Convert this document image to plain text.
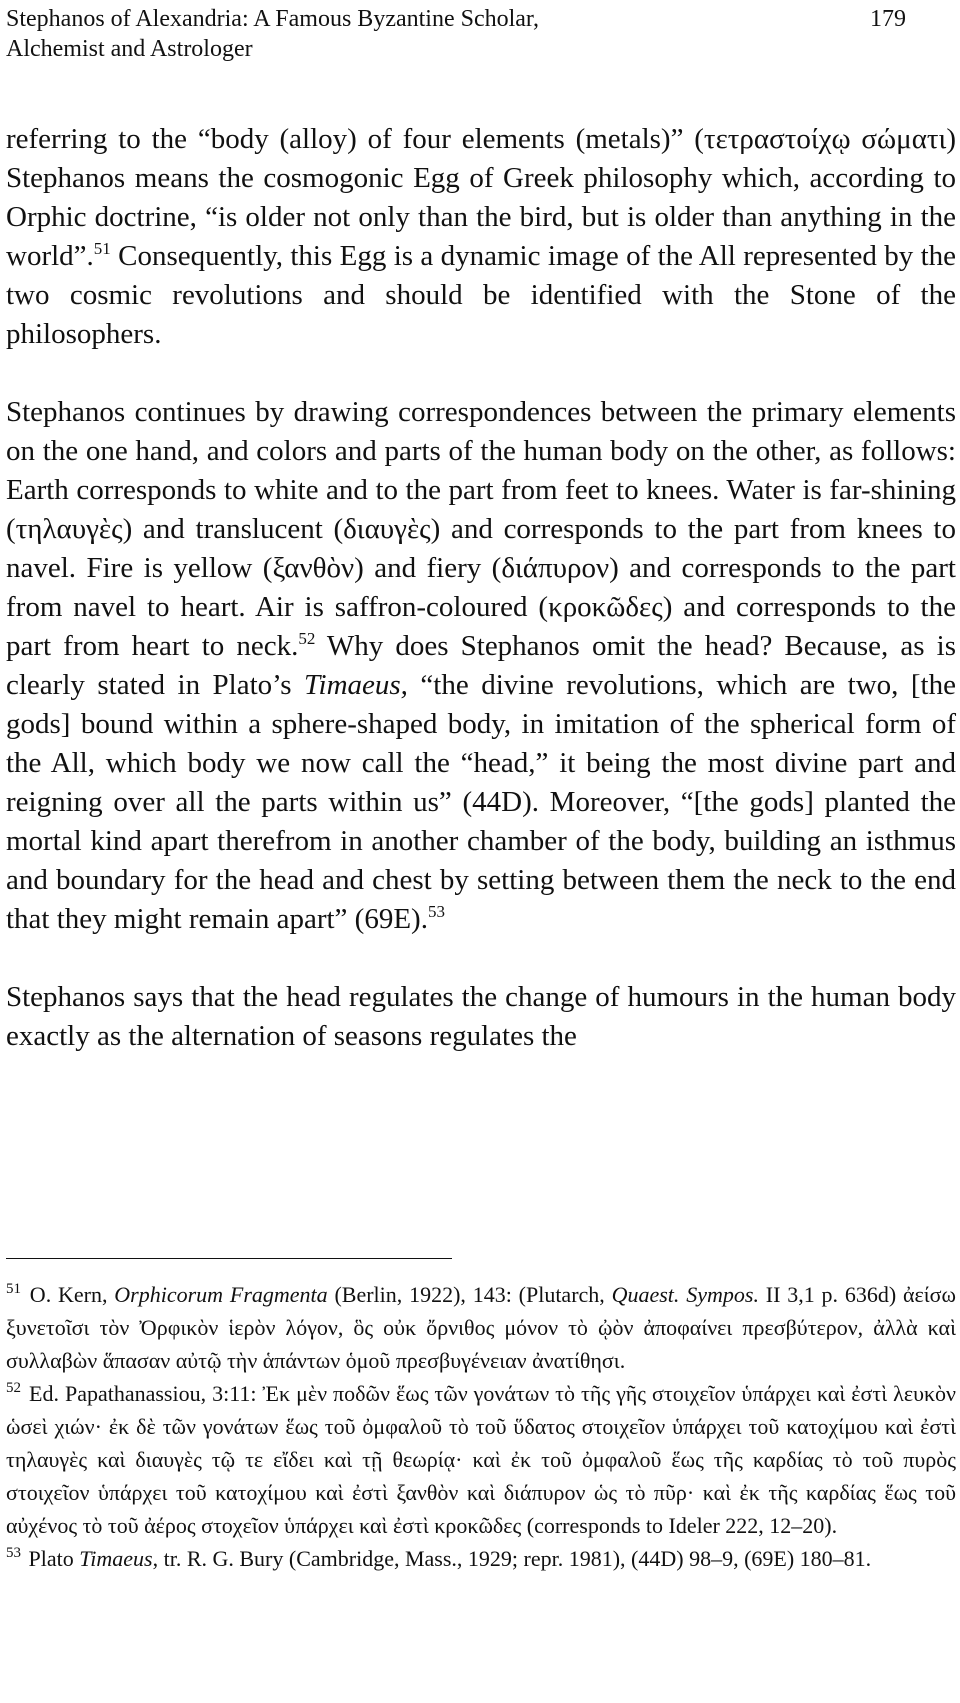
Stephanos of Alexandria: A Famous Byzantine Scholar,
Alchemist and Astrologer
179

referring to the “body (alloy) of four elements (metals)” (τετραστοίχῳ σώματι) Stephanos means the cosmogonic Egg of Greek philosophy which, according to Orphic doctrine, “is older not only than the bird, but is older than anything in the world”.$^{51}$ Consequently, this Egg is a dynamic image of the All represented by the two cosmic revolutions and should be identified with the Stone of the philosophers.

Stephanos continues by drawing correspondences between the primary elements on the one hand, and colors and parts of the human body on the other, as follows: Earth corresponds to white and to the part from feet to knees. Water is far-shining (τηλαυγὲς) and translucent (διαυγὲς) and corresponds to the part from knees to navel. Fire is yellow (ξανθὸν) and fiery (διάπυρον) and corresponds to the part from navel to heart. Air is saffron-coloured (κροκῶδες) and corresponds to the part from heart to neck.$^{52}$ Why does Stephanos omit the head? Because, as is clearly stated in Plato’s Timaeus, “the divine revolutions, which are two, [the gods] bound within a sphere-shaped body, in imitation of the spherical form of the All, which body we now call the “head,” it being the most divine part and reigning over all the parts within us” (44D). Moreover, “[the gods] planted the mortal kind apart therefrom in another chamber of the body, building an isthmus and boundary for the head and chest by setting between them the neck to the end that they might remain apart” (69E).$^{53}$

Stephanos says that the head regulates the change of humours in the human body exactly as the alternation of seasons regulates the

$^{51}$ O. Kern, Orphicorum Fragmenta (Berlin, 1922), 143: (Plutarch, Quaest. Sympos. II 3,1 p. 636d) ἀείσω ξυνετοῖσι τὸν Ὀρφικὸν ἱερὸν λόγον, ὃς οὐκ ὄρνιθος μόνον τὸ ᾠὸν ἀποφαίνει πρεσβύτερον, ἀλλὰ καὶ συλλαβὼν ἅπασαν αὐτῷ τὴν ἁπάντων ὁμοῦ πρεσβυγένειαν ἀνατίθησι.

$^{52}$ Ed. Papathanassiou, 3:11: Ἐκ μὲν ποδῶν ἕως τῶν γονάτων τὸ τῆς γῆς στοιχεῖον ὑπάρχει καὶ ἐστὶ λευκὸν ὡσεὶ χιών· ἐκ δὲ τῶν γονάτων ἕως τοῦ ὀμφαλοῦ τὸ τοῦ ὕδατος στοιχεῖον ὑπάρχει τοῦ κατοχίμου καὶ ἐστὶ τηλαυγὲς καὶ διαυγὲς τῷ τε εἴδει καὶ τῇ θεωρίᾳ· καὶ ἐκ τοῦ ὀμφαλοῦ ἕως τῆς καρδίας τὸ τοῦ πυρὸς στοιχεῖον ὑπάρχει τοῦ κατοχίμου καὶ ἐστὶ ξανθὸν καὶ διάπυρον ὡς τὸ πῦρ· καὶ ἐκ τῆς καρδίας ἕως τοῦ αὐχένος τὸ τοῦ ἀέρος στοχεῖον ὑπάρχει καὶ ἐστὶ κροκῶδες (corresponds to Ideler 222, 12–20).

$^{53}$ Plato Timaeus, tr. R. G. Bury (Cambridge, Mass., 1929; repr. 1981), (44D) 98–9, (69E) 180–81.
